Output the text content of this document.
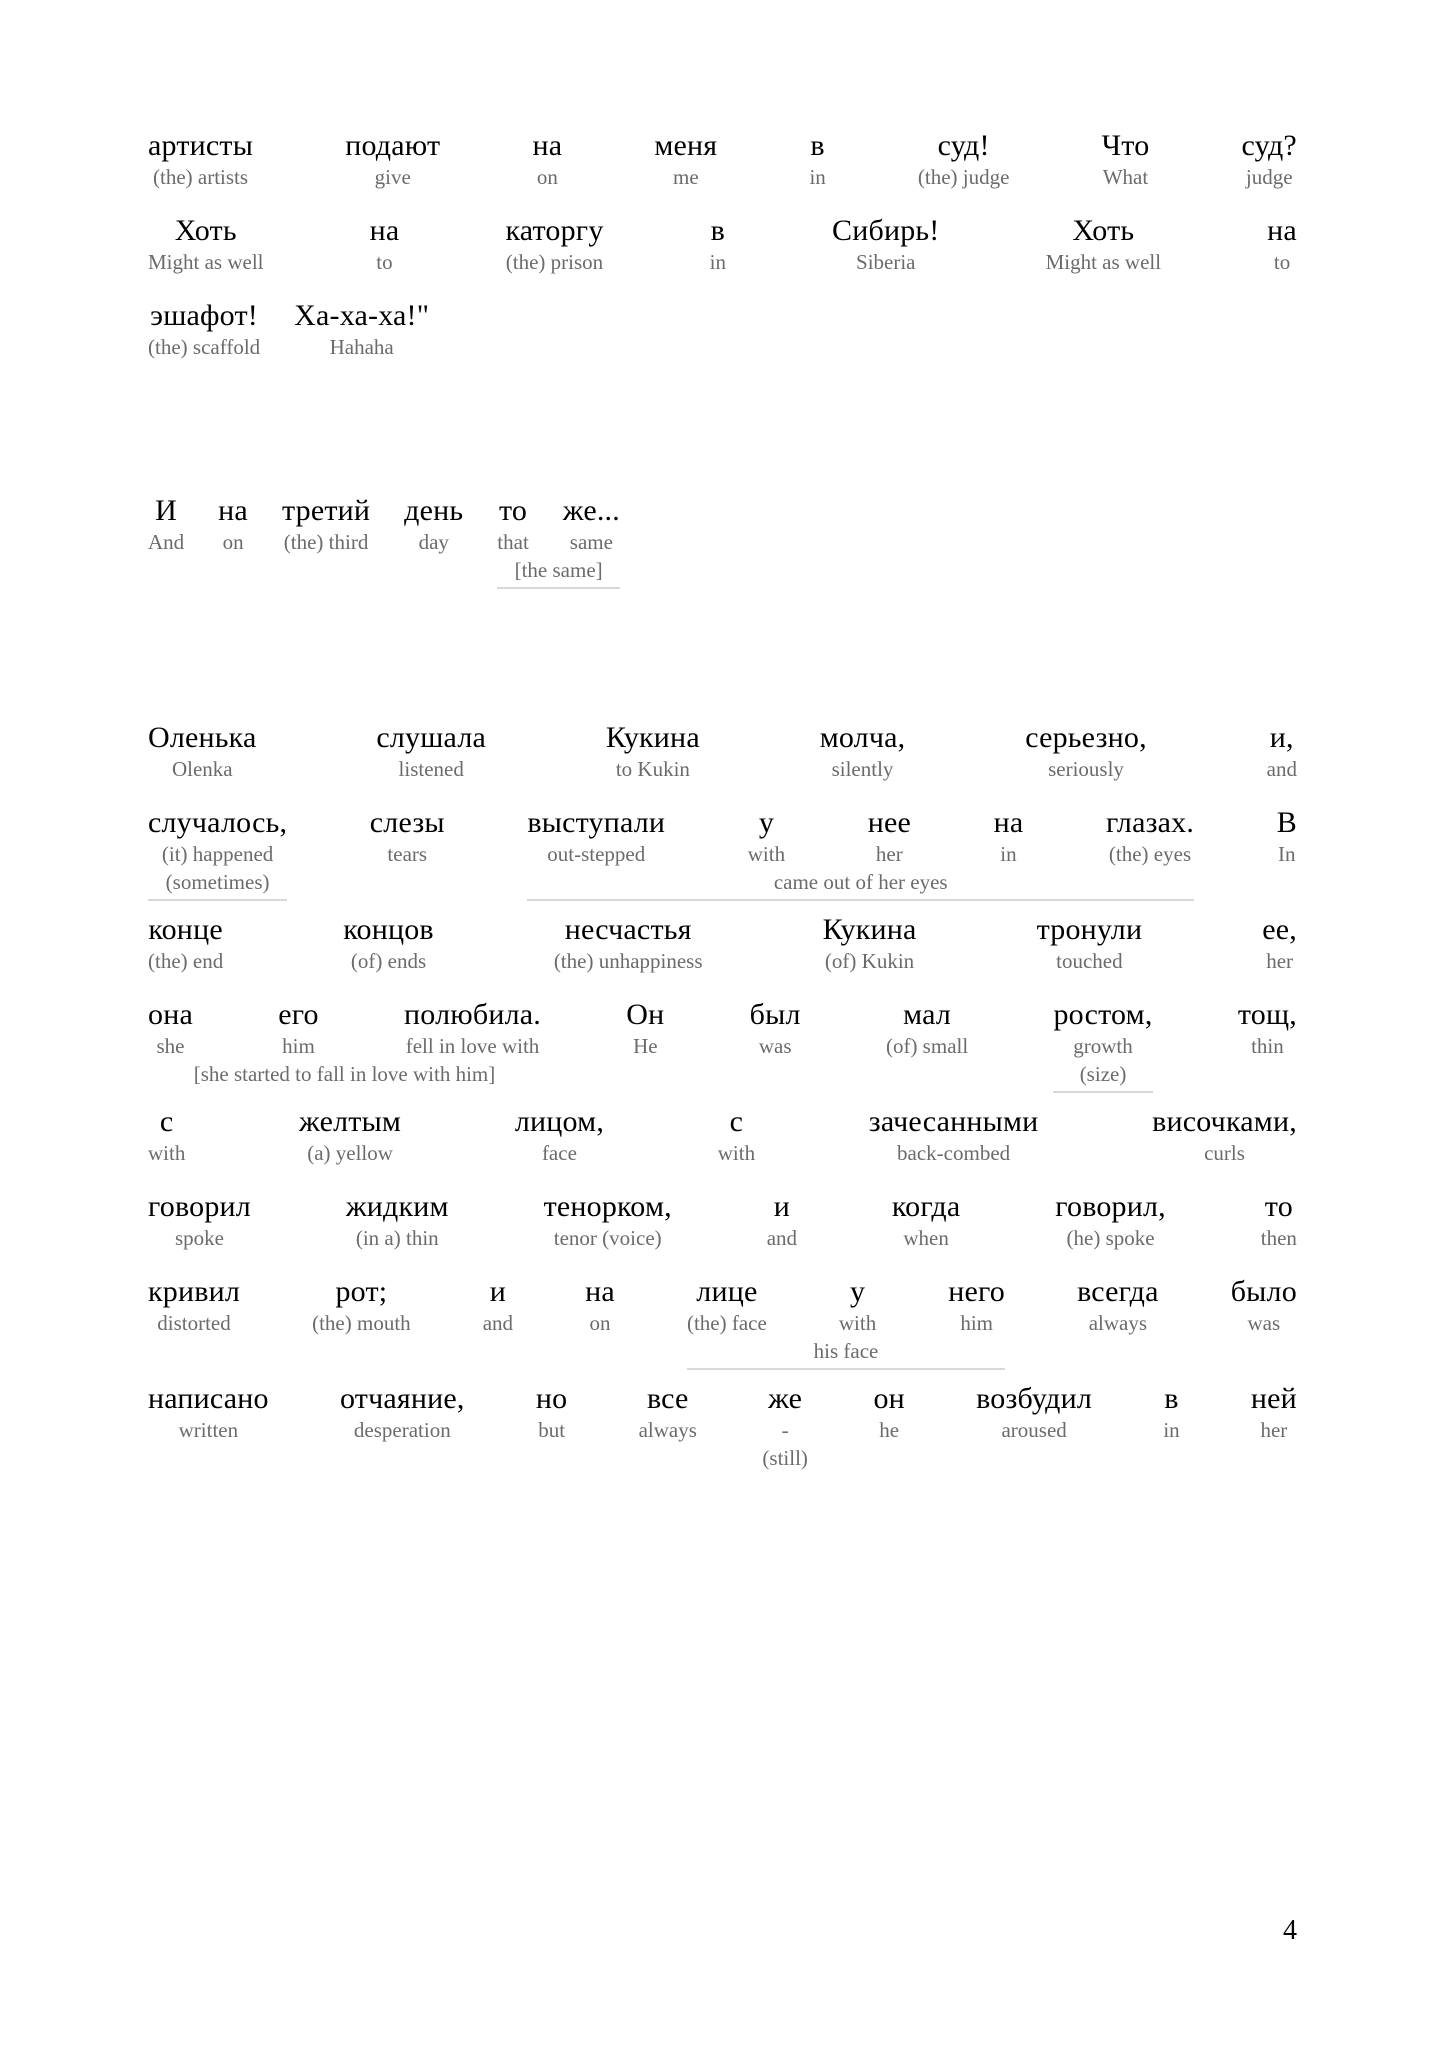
артисты
(the) artists
подают
give
на
on
меня
me
в
in
суд!
(the) judge
Что
What
суд?
judge
Хоть
Might as well
на
to
каторгу
(the) prison
в
in
Сибирь!
Siberia
Хоть
Might as well
на
to
эшафот!
(the) scaffold
Ха-ха-ха!"
Hahaha
И
And
на
on
третий
(the) third
день
day
то
that
же...
same
[the same]
Оленька
Olenka
слушала
listened
Кукина
to Kukin
молча,
silently
серьезно,
seriously
и,
and
случалось,
(it) happened
слезы
tears
выступали
out-stepped
у
with
нее
her
на
in
глазах.
(the) eyes
В
In
(sometimes)	came out of her eyes
конце
(the) end
концов
(of) ends
несчастья
(the) unhappiness
Кукина
(of) Kukin
тронули
touched
ее,
her
она
she
его
him
полюбила.
fell in love with
Он
He
был
was
мал
(of) small
ростом,
growth
тощ,
thin
[she started to fall in love with him]	(size)
с
with
желтым
(a) yellow
лицом,
face
с
with
зачесанными
back-combed
височками,
curls
говорил
spoke
жидким
(in a) thin
тенорком,
tenor (voice)
и
and
когда
when
говорил,
(he) spoke
то
then
кривил
distorted
рот;
(the) mouth
и
and
на
on
лице
(the) face
у
with
него
him
всегда
always
было
was
his face
написано
written
отчаяние,
desperation
но
but
все
always
же
-
он
he
возбудил
aroused
в
in
ней
her
(still)
4
